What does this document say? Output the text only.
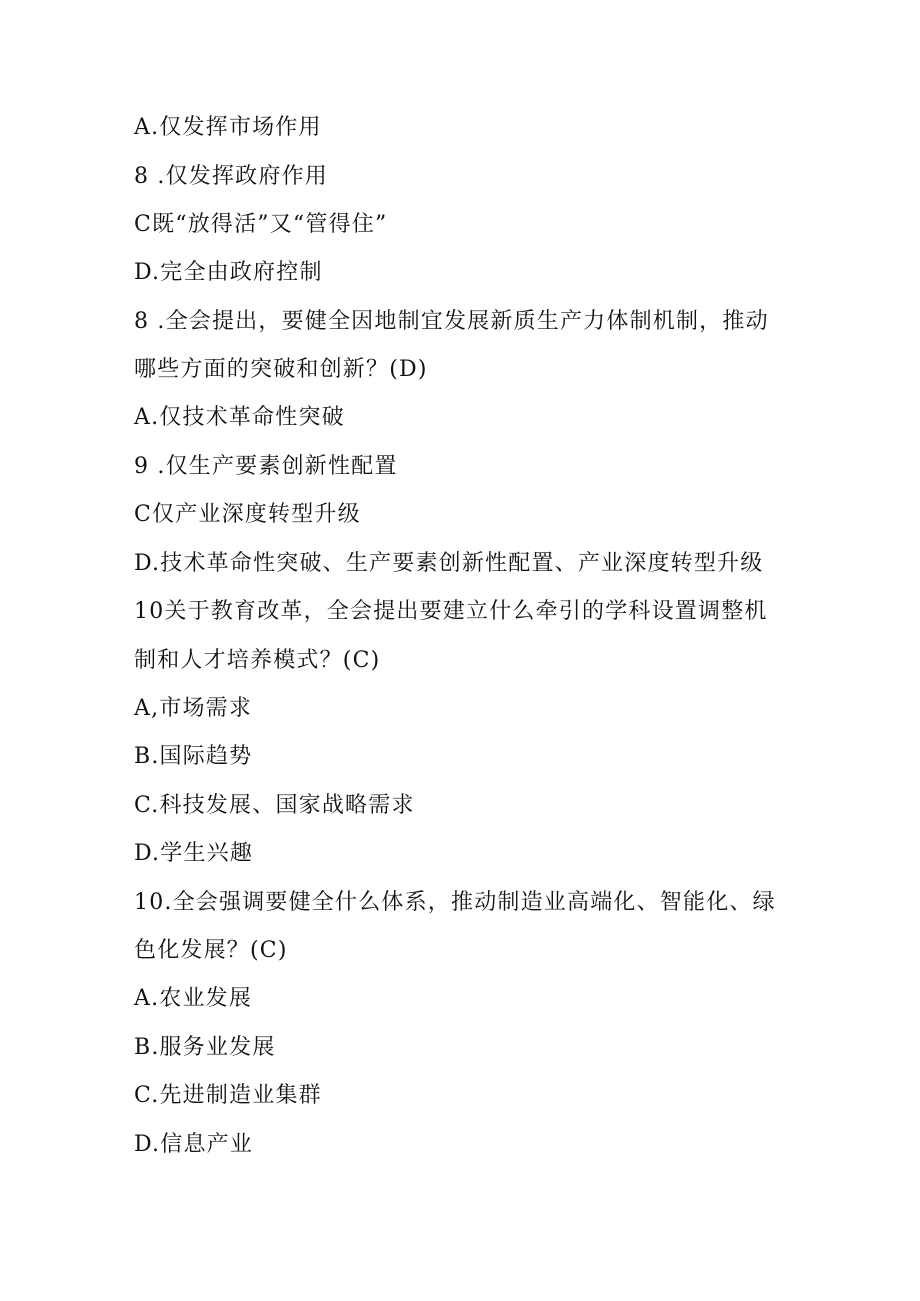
A.仅发挥市场作用
8 .仅发挥政府作用
C既“放得活”又“管得住”
D.完全由政府控制
8 .全会提出，要健全因地制宜发展新质生产力体制机制，推动
哪些方面的突破和创新？(D)
A.仅技术革命性突破
9 .仅生产要素创新性配置
C仅产业深度转型升级
D.技术革命性突破、生产要素创新性配置、产业深度转型升级
10关于教育改革，全会提出要建立什么牵引的学科设置调整机
制和人才培养模式？(C)
A,市场需求
B.国际趋势
C.科技发展、国家战略需求
D.学生兴趣
10.全会强调要健全什么体系，推动制造业高端化、智能化、绿
色化发展？(C)
A.农业发展
B.服务业发展
C.先进制造业集群
D.信息产业
